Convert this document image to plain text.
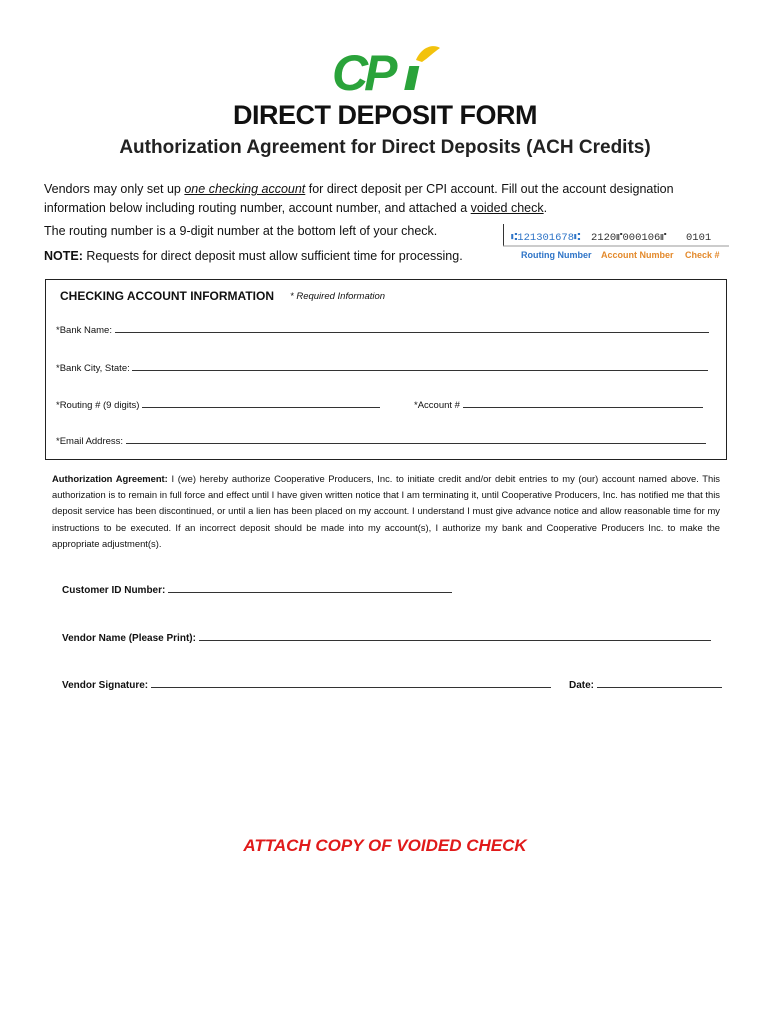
CP
DIRECT DEPOSIT FORM
Authorization Agreement for Direct Deposits (ACH Credits)
Vendors may only set up one checking account for direct deposit per CPI account. Fill out the account designation information below including routing number, account number, and attached a voided check.
The routing number is a 9-digit number at the bottom left of your check.
NOTE: Requests for direct deposit must allow sufficient time for processing.
⑆121301678⑆ 2120⑈000106⑈ 0101
Routing Number Account Number Check #
CHECKING ACCOUNT INFORMATION * Required Information
*Bank Name:
*Bank City, State:
*Routing # (9 digits)	*Account #
*Email Address:
Authorization Agreement: I (we) hereby authorize Cooperative Producers, Inc. to initiate credit and/or debit entries to my (our) account named above. This authorization is to remain in full force and effect until I have given written notice that I am terminating it, until Cooperative Producers, Inc. has notified me that this deposit service has been discontinued, or until a lien has been placed on my account. I understand I must give advance notice and allow reasonable time for my instructions to be executed. If an incorrect deposit should be made into my account(s), I authorize my bank and Cooperative Producers Inc. to make the appropriate adjustment(s).
Customer ID Number:
Vendor Name (Please Print):
Vendor Signature:	Date:
ATTACH COPY OF VOIDED CHECK
